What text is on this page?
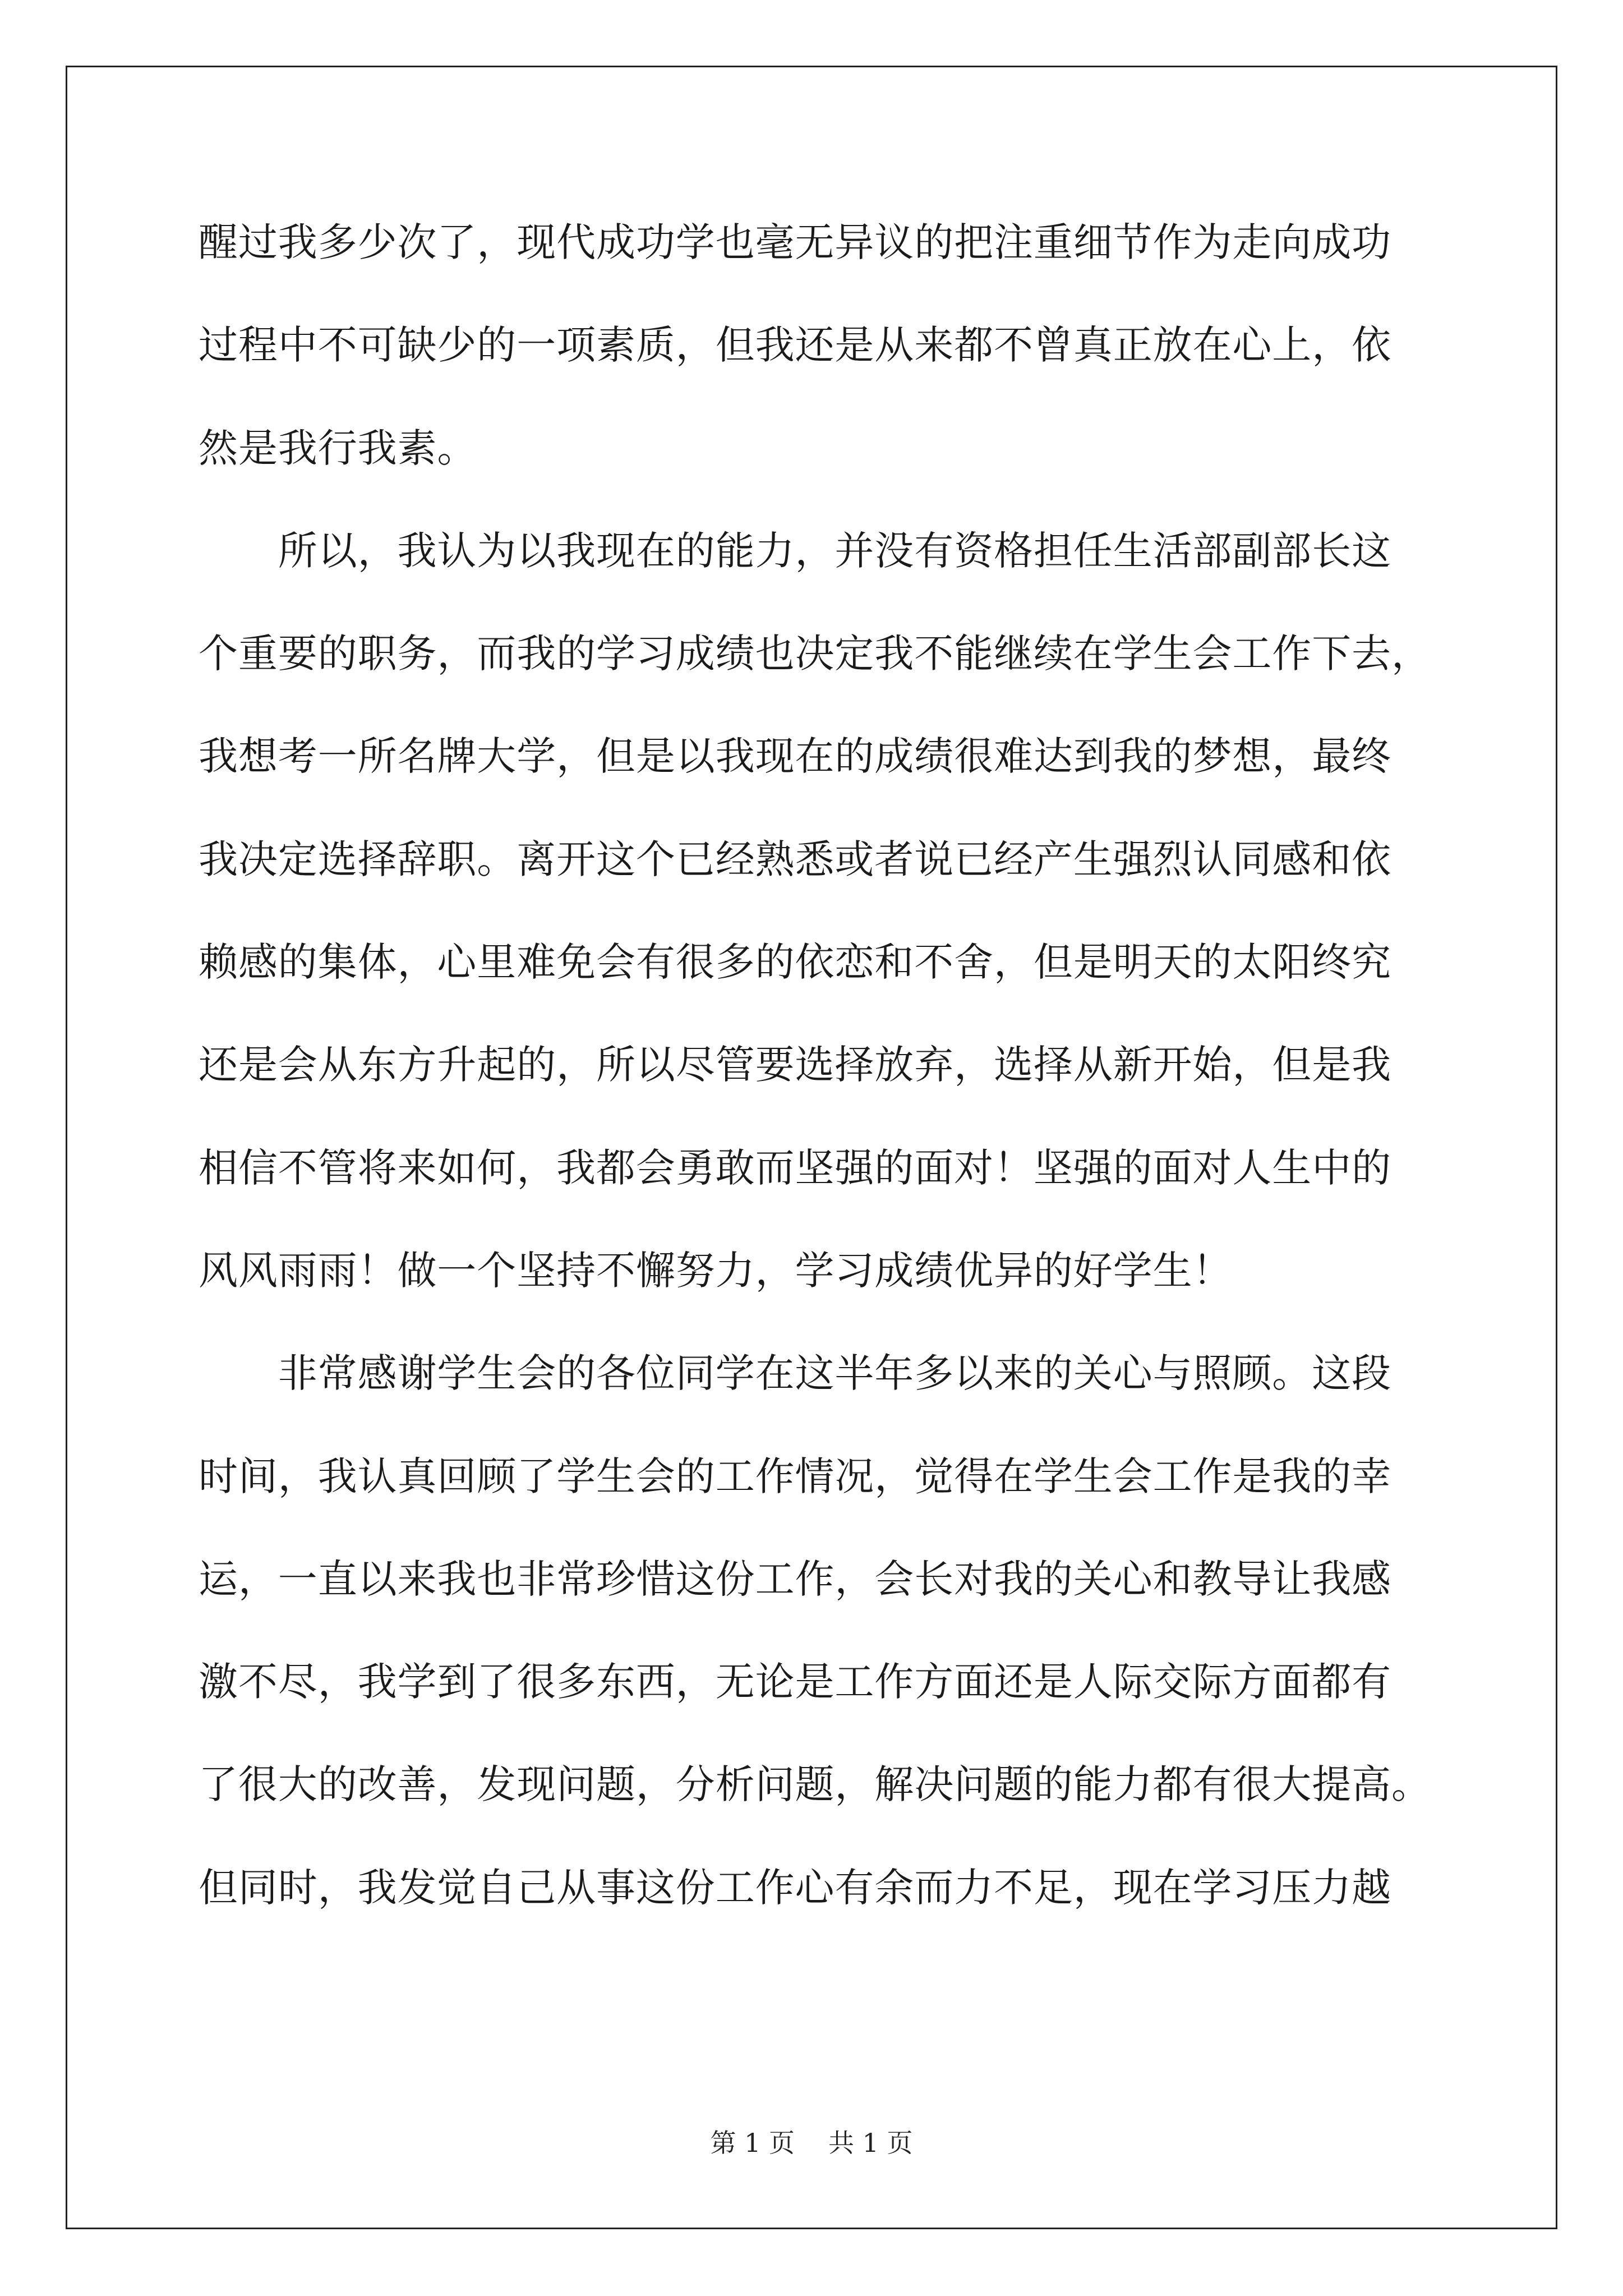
醒过我多少次了，现代成功学也毫无异议的把注重细节作为走向成功
过程中不可缺少的一项素质，但我还是从来都不曾真正放在心上，依
然是我行我素。
　　所以，我认为以我现在的能力，并没有资格担任生活部副部长这
个重要的职务，而我的学习成绩也决定我不能继续在学生会工作下去，
我想考一所名牌大学，但是以我现在的成绩很难达到我的梦想，最终
我决定选择辞职。离开这个已经熟悉或者说已经产生强烈认同感和依
赖感的集体，心里难免会有很多的依恋和不舍，但是明天的太阳终究
还是会从东方升起的，所以尽管要选择放弃，选择从新开始，但是我
相信不管将来如何，我都会勇敢而坚强的面对！坚强的面对人生中的
风风雨雨！做一个坚持不懈努力，学习成绩优异的好学生！
　　非常感谢学生会的各位同学在这半年多以来的关心与照顾。这段
时间，我认真回顾了学生会的工作情况，觉得在学生会工作是我的幸
运，一直以来我也非常珍惜这份工作，会长对我的关心和教导让我感
激不尽，我学到了很多东西，无论是工作方面还是人际交际方面都有
了很大的改善，发现问题，分析问题，解决问题的能力都有很大提高。
但同时，我发觉自己从事这份工作心有余而力不足，现在学习压力越
第 1 页 共 1 页
